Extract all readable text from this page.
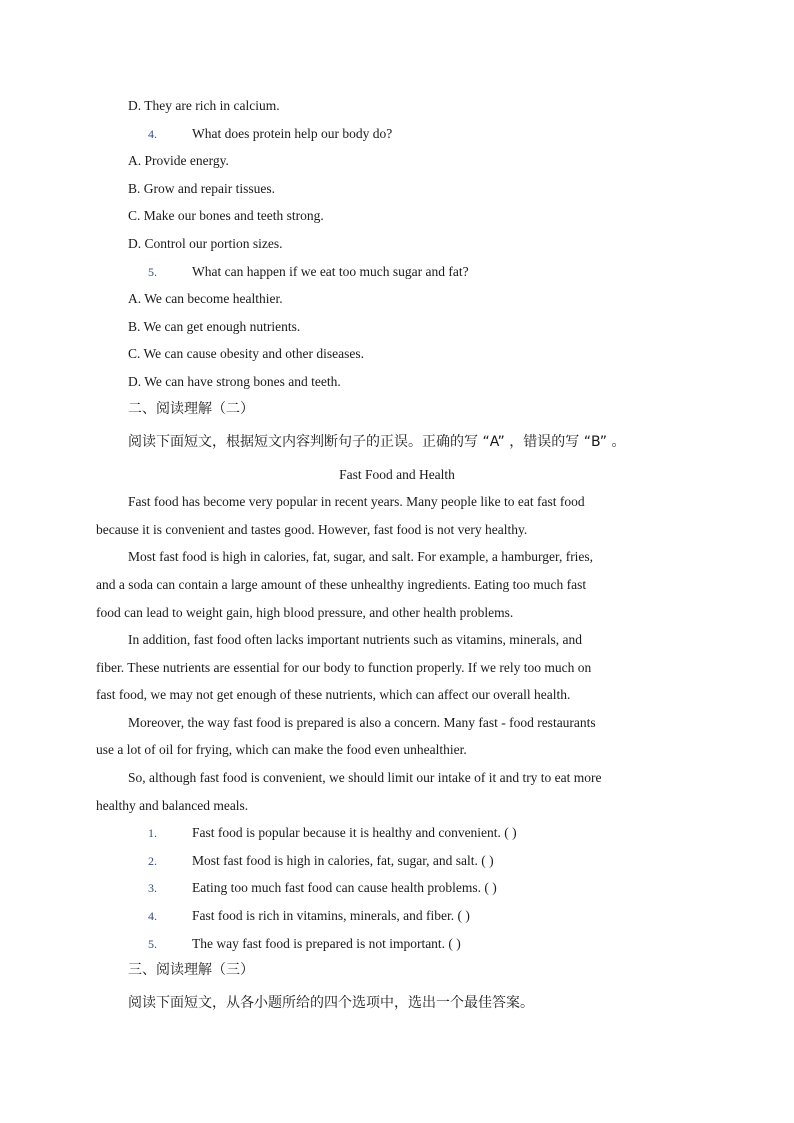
D. They are rich in calcium.
4.	What does protein help our body do?
A. Provide energy.
B. Grow and repair tissues.
C. Make our bones and teeth strong.
D. Control our portion sizes.
5.	What can happen if we eat too much sugar and fat?
A. We can become healthier.
B. We can get enough nutrients.
C. We can cause obesity and other diseases.
D. We can have strong bones and teeth.
二、阅读理解（二）
阅读下面短文，根据短文内容判断句子的正误。正确的写 “A” ，错误的写 “B” 。
Fast Food and Health
Fast food has become very popular in recent years. Many people like to eat fast food
because it is convenient and tastes good. However, fast food is not very healthy.
Most fast food is high in calories, fat, sugar, and salt. For example, a hamburger, fries,
and a soda can contain a large amount of these unhealthy ingredients. Eating too much fast
food can lead to weight gain, high blood pressure, and other health problems.
In addition, fast food often lacks important nutrients such as vitamins, minerals, and
fiber. These nutrients are essential for our body to function properly. If we rely too much on
fast food, we may not get enough of these nutrients, which can affect our overall health.
Moreover, the way fast food is prepared is also a concern. Many fast - food restaurants
use a lot of oil for frying, which can make the food even unhealthier.
So, although fast food is convenient, we should limit our intake of it and try to eat more
healthy and balanced meals.
1.	Fast food is popular because it is healthy and convenient. ( )
2.	Most fast food is high in calories, fat, sugar, and salt. ( )
3.	Eating too much fast food can cause health problems. ( )
4.	Fast food is rich in vitamins, minerals, and fiber. ( )
5.	The way fast food is prepared is not important. ( )
三、阅读理解（三）
阅读下面短文，从各小题所给的四个选项中，选出一个最佳答案。
